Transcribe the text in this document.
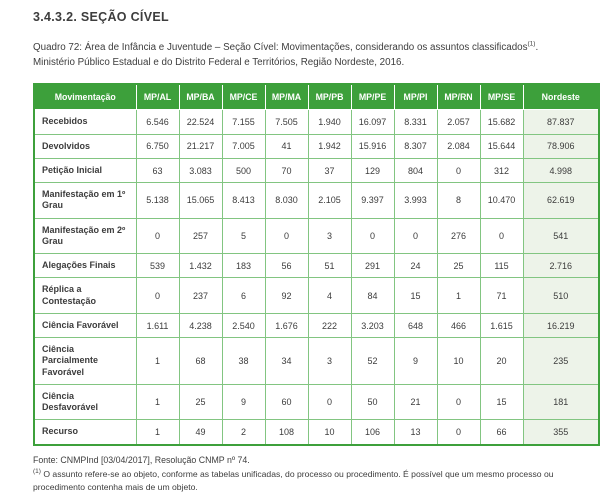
3.4.3.2. SEÇÃO CÍVEL

Quadro 72: Área de Infância e Juventude – Seção Cível: Movimentações, considerando os assuntos classificados$^{(1)}$. Ministério Público Estadual e do Distrito Federal e Territórios, Região Nordeste, 2016.

Movimentação	MP/AL	MP/BA	MP/CE	MP/MA	MP/PB	MP/PE	MP/PI	MP/RN	MP/SE	Nordeste
Recebidos	6.546	22.524	7.155	7.505	1.940	16.097	8.331	2.057	15.682	87.837
Devolvidos	6.750	21.217	7.005	41	1.942	15.916	8.307	2.084	15.644	78.906
Petição Inicial	63	3.083	500	70	37	129	804	0	312	4.998
Manifestação em 1º Grau	5.138	15.065	8.413	8.030	2.105	9.397	3.993	8	10.470	62.619
Manifestação em 2º Grau	0	257	5	0	3	0	0	276	0	541
Alegações Finais	539	1.432	183	56	51	291	24	25	115	2.716
Réplica a Contestação	0	237	6	92	4	84	15	1	71	510
Ciência Favorável	1.611	4.238	2.540	1.676	222	3.203	648	466	1.615	16.219
Ciência Parcialmente Favorável	1	68	38	34	3	52	9	10	20	235
Ciência Desfavorável	1	25	9	60	0	50	21	0	15	181
Recurso	1	49	2	108	10	106	13	0	66	355

Fonte: CNMPInd [03/04/2017], Resolução CNMP nº 74.

$^{(1)}$ O assunto refere-se ao objeto, conforme as tabelas unificadas, do processo ou procedimento. É possível que um mesmo processo ou procedimento contenha mais de um objeto.
